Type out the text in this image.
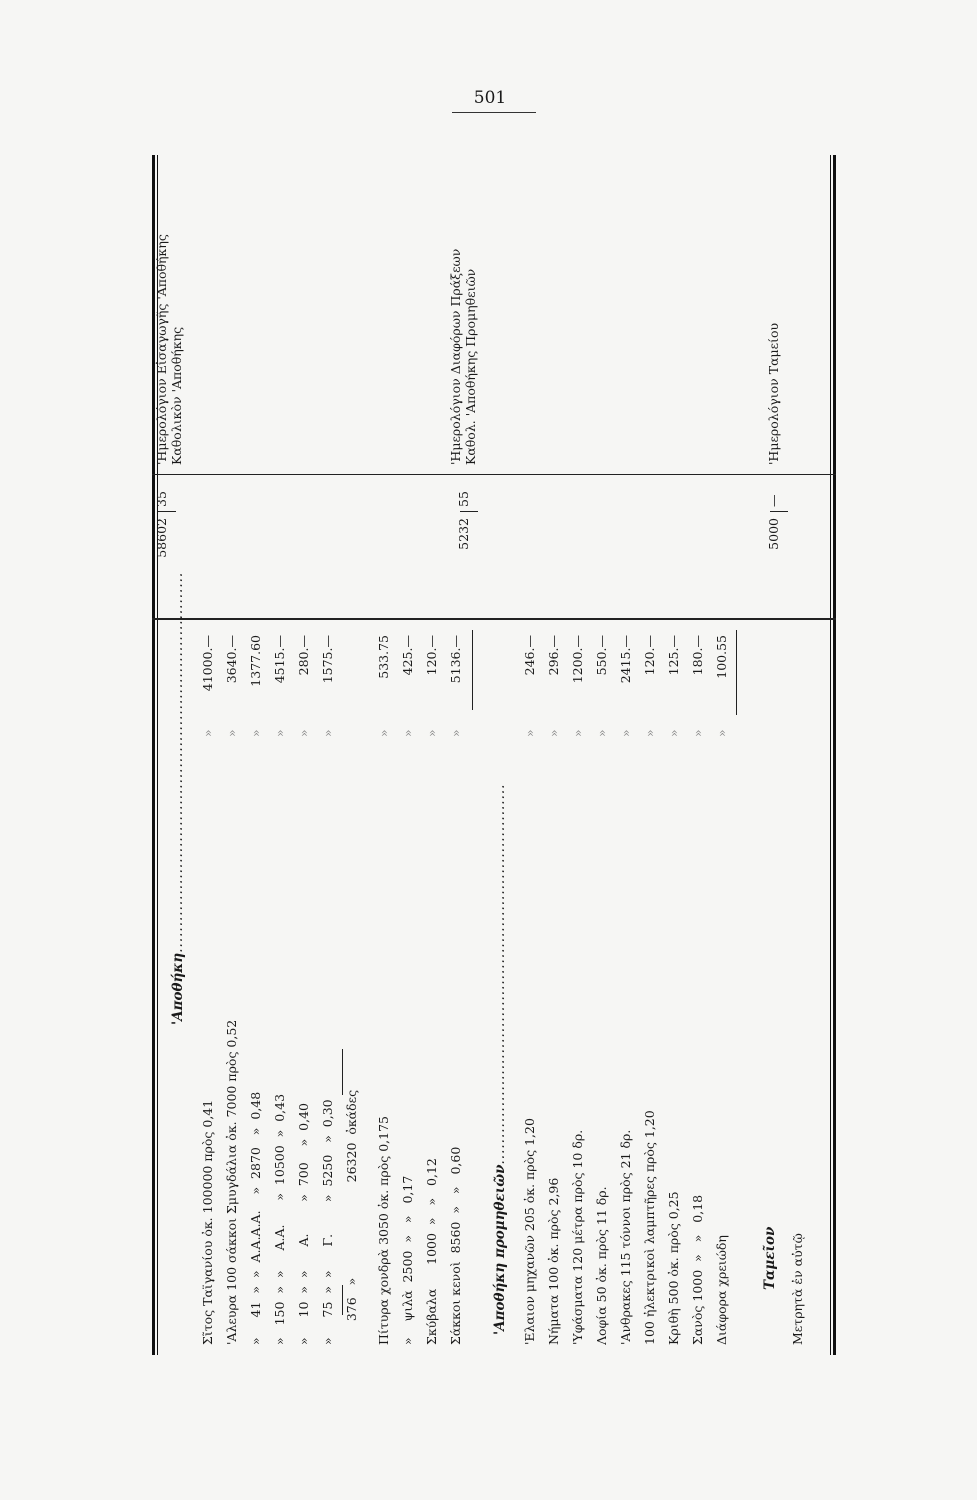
501
'Αποθήκη........................................................................
58602
35
'Ημερολόγιον Εἰσαγωγῆς 'Αποθήκης Καθολικὸν 'Αποθήκης
Σῖτος Ταϊγανίου ὀκ. 100000 πρὸς 0,41
»
41000.—
'Αλευρα 100 σάκκοι Σμυγδάλια ὀκ. 7000 πρὸς 0,52
»
3640.—
»     41  »  »  Α.Α.Α.Α.    »  2870   »  0,48
»
1377.60
»   150  »  »     Α.Α.      »  10500  »  0,43
»
4515.—
»     10  »  »      Α.        »  700    »  0,40
»
280.—
»     75  »  »      Γ.        »  5250   »  0,30
»
1575.—
376   »                        26320  ὀκάδες Πίτυρα χονδρὰ 3050 ὀκ. πρὸς 0,175
»
533.75
»    ψιλὰ  2500  »   »   0,17
»
425.—
Σκύβαλα      1000  »   »   0,12
»
120.—
Σάκκοι κενοὶ  8560  »   »   0,60
»
5136.—
'Αποθήκη προμηθειῶν........................................................................
5232
55
'Ημερολόγιον Διαφόρων Πράξεων Καθολ. 'Αποθήκης Προμηθειῶν
'Ελαιον μηχανῶν 205 ὀκ. πρὸς 1,20
»
246.—
Νήματα 100 ὀκ. πρὸς 2,96
»
296.—
'Υφάσματα 120 μέτρα πρὸς 10 δρ.
»
1200.—
Λοφία 50 ὀκ. πρὸς 11 δρ.
»
550.—
'Ανθρακες 115 τόννοι πρὸς 21 δρ.
»
2415.—
100 ἠλεκτρικοὶ λαμπτῆρες πρὸς 1,20
»
120.—
Κριθὴ 500 ὀκ. πρὸς 0,25
»
125.—
Σανὸς 1000  »   »   0,18
»
180.—
Διάφορα χρειώδη
»
100.55
Ταμεῖον Μετρητὰ ἐν αὐτῷ
5000
—
'Ημερολόγιον Ταμείου
